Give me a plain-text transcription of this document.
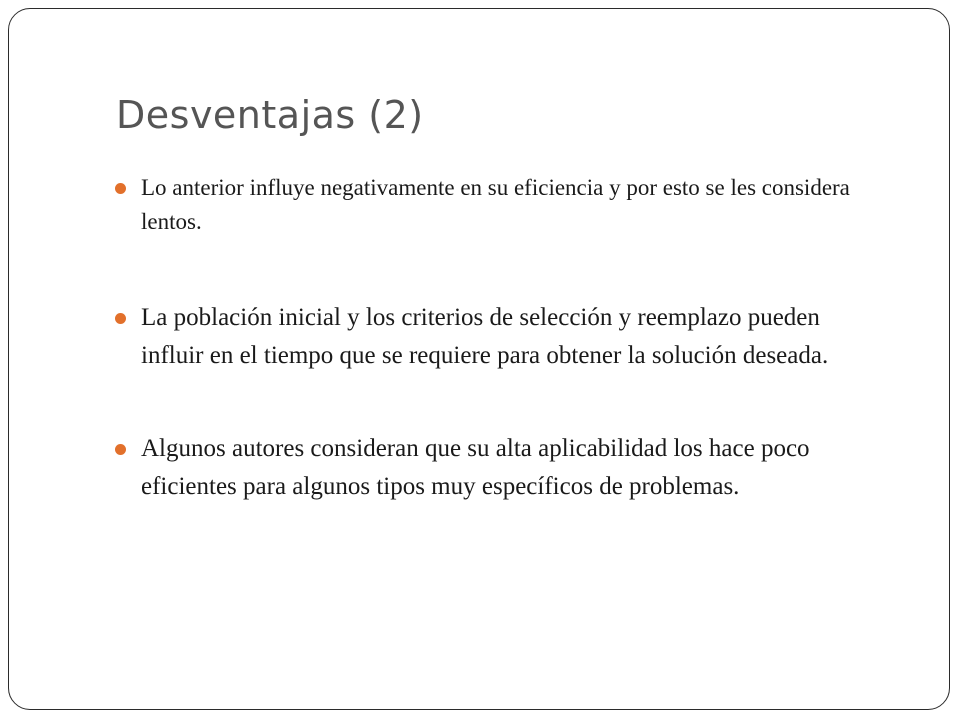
Desventajas (2)
Lo anterior influye negativamente en su eficiencia y por esto se les considera lentos.
La población inicial y los criterios de selección y reemplazo pueden influir en el tiempo que se requiere para obtener la solución deseada.
Algunos autores consideran que su alta aplicabilidad los hace poco eficientes para algunos tipos muy específicos de problemas.
